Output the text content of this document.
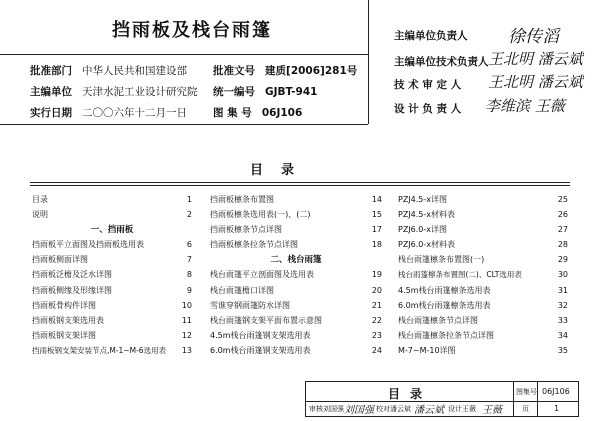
挡雨板及栈台雨篷
批准部门 中华人民共和国建设部 批准文号 建质[2006]281号
主编单位 天津水泥工业设计研究院 统一编号 GJBT-941
实行日期 二〇〇六年十二月一日 图 集 号 06J106
主编单位负责人 徐传滔
主编单位技术负责人 王北明 潘云斌
技 术 审 定 人 王北明 潘云斌
设 计 负 责 人 李维滨 王薇
目录
目录	1
说明	2
一、挡雨板
挡雨板平立面图及挡雨板选用表	6
挡雨板侧面详图	7
挡雨板泛檐及泛水详图	8
挡雨板侧缘及形缘详图	9
挡雨板骨构件详图	10
挡雨板钢支架选用表	11
挡雨板钢支架详图	12
挡雨板钢支架安装节点,M-1~M-6选用表 13
挡雨板檩条布置图	14
挡雨板檩条选用表(一)、(二)	15
挡雨板檩条节点详图	17
挡雨板檩条拉条节点详图	18
二、栈台雨篷
栈台雨篷平立剖面图及选用表	19
栈台雨篷檐口详图	20
雪谯穿钢雨篷防水详图	21
栈台雨篷钢支架平面布置示意图	22
4.5m栈台雨篷钢支架选用表	23
6.0m栈台雨篷钢支架选用表	24
PZJ4.5-x详图	25
PZJ4.5-x材料表	26
PZJ6.0-x详图	27
PZJ6.0-x材料表	28
栈台雨篷檩条布置图(一)	29
栈台雨篷檩条布置图(二)、CLT选用表	30
4.5m栈台雨篷檩条选用表	31
6.0m栈台雨篷檩条选用表	32
栈台雨篷檩条节点详图	33
栈台雨篷檩条拉条节点详图	34
M-7~M-10详图	35
目录	图集号 06J106
审核 刘国强 刘国强 校对 潘云斌 潘云斌 设计 王薇 王薇	页	1
